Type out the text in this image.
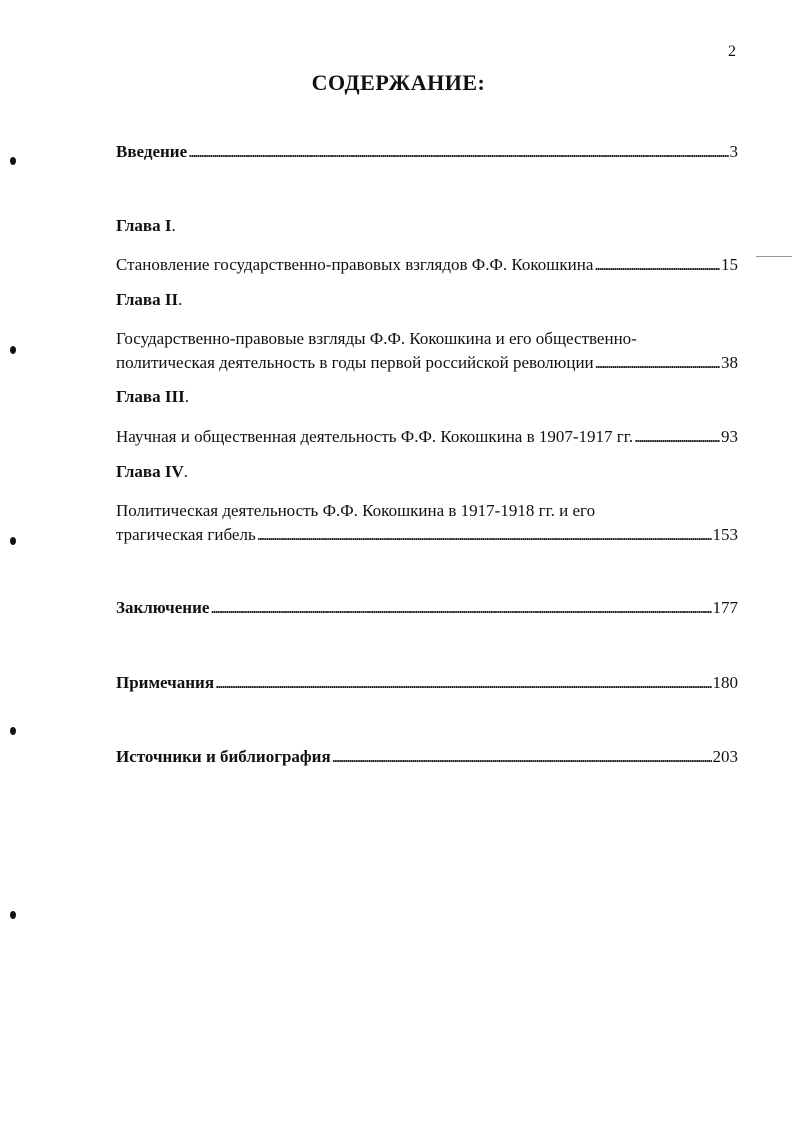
2
СОДЕРЖАНИЕ:
Введение . . .	3
Глава I.
Становление государственно-правовых взглядов Ф.Ф. Кокошкина . . .	15
Глава II.
Государственно-правовые взгляды Ф.Ф. Кокошкина и его общественно-
политическая деятельность в годы первой российской революции . . .	38
Глава III.
Научная и общественная деятельность Ф.Ф. Кокошкина в 1907-1917 гг. . . .	93
Глава IV.
Политическая деятельность Ф.Ф. Кокошкина в 1917-1918 гг. и его
трагическая гибель . . .	153
Заключение . . .	177
Примечания . . .	180
Источники и библиография . . .	203
